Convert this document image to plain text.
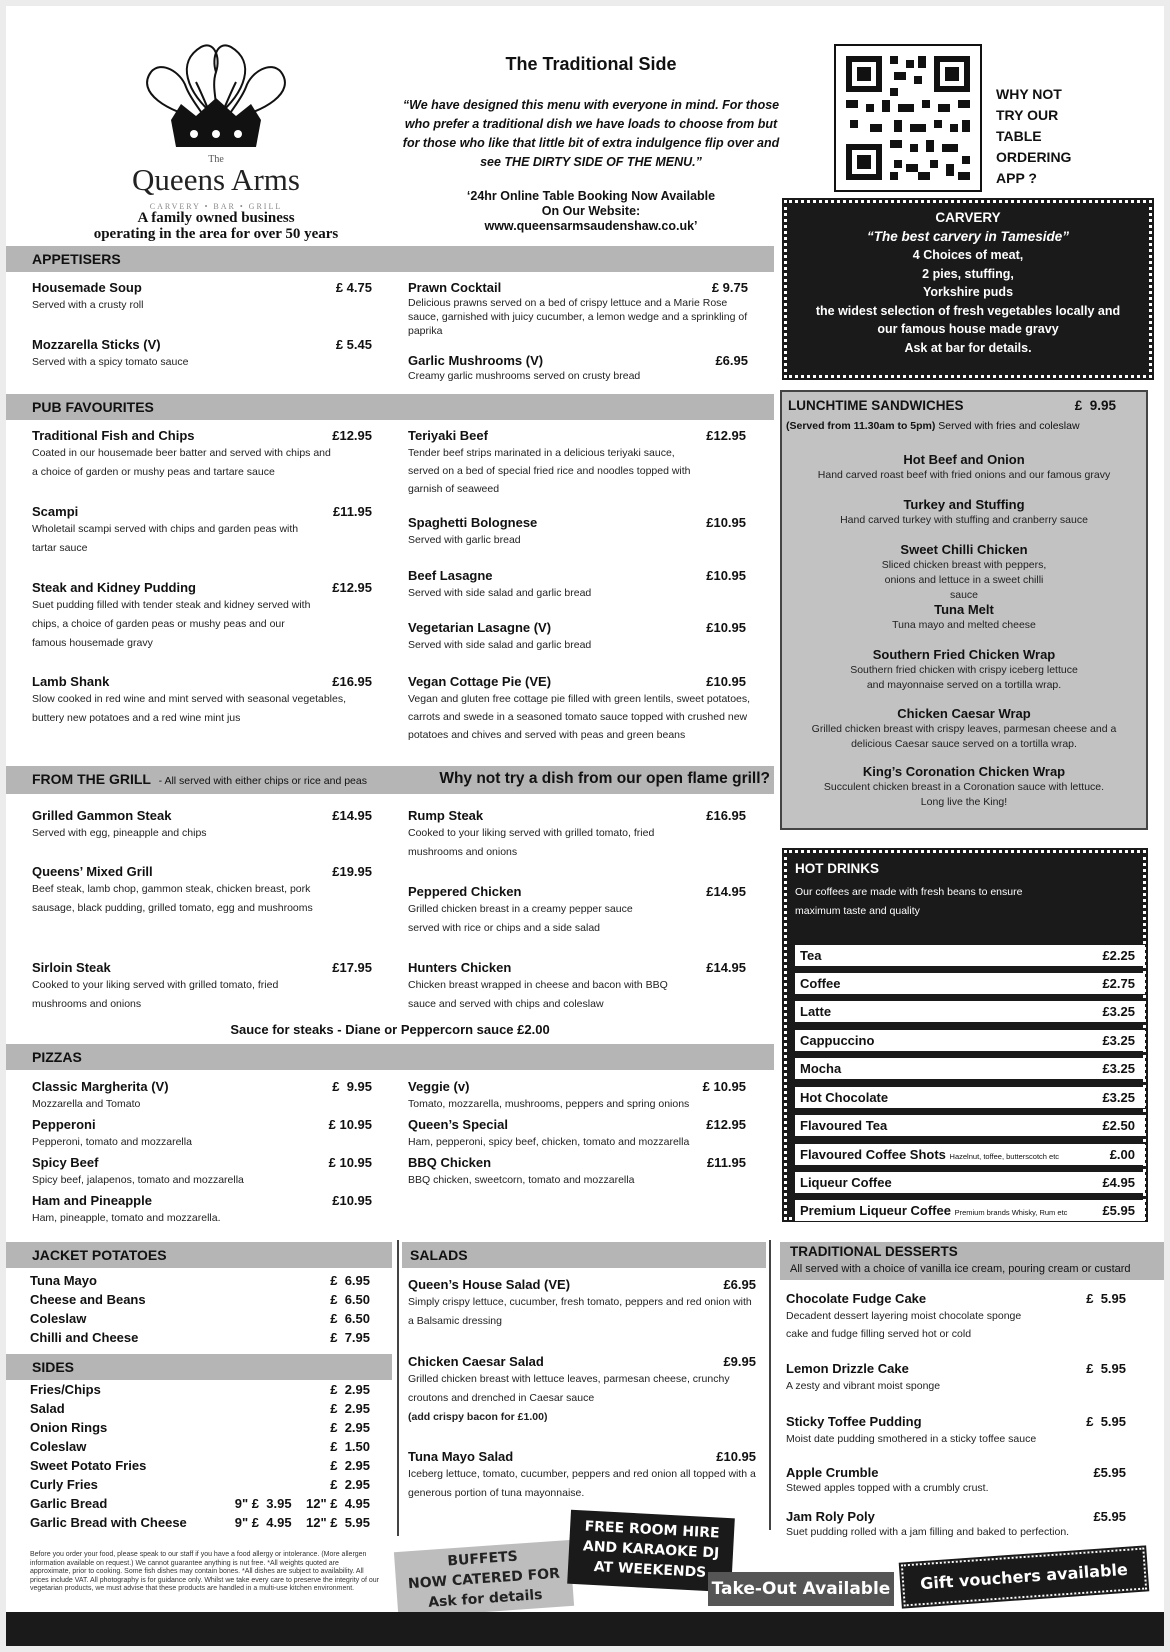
The
Queens Arms
CARVERY • BAR • GRILL
A family owned business
operating in the area for over 50 years
The Traditional Side
“We have designed this menu with everyone in mind. For those who prefer a traditional dish we have loads to choose from but for those who like that little bit of extra indulgence flip over and see THE DIRTY SIDE OF THE MENU.”
‘24hr Online Table Booking Now Available
On Our Website:
www.queensarmsaudenshaw.co.uk’
WHY NOT
TRY OUR
TABLE
ORDERING
APP ?
CARVERY
“The best carvery in Tameside”
4 Choices of meat,
2 pies, stuffing,
Yorkshire puds
the widest selection of fresh vegetables locally and
our famous house made gravy
Ask at bar for details.
APPETISERS
Housemade Soup	£ 4.75
Served with a crusty roll
Mozzarella Sticks (V)	£ 5.45
Served with a spicy tomato sauce
Prawn Cocktail	£ 9.75
Delicious prawns served on a bed of crispy lettuce and a Marie Rose sauce, garnished with juicy cucumber, a lemon wedge and a sprinkling of paprika
Garlic Mushrooms (V)	£6.95
Creamy garlic mushrooms served on crusty bread
PUB FAVOURITES
Traditional Fish and Chips	£12.95
Coated in our housemade beer batter and served with chips and a choice of garden or mushy peas and tartare sauce
Scampi	£11.95
Wholetail scampi served with chips and garden peas with tartar sauce
Steak and Kidney Pudding	£12.95
Suet pudding filled with tender steak and kidney served with chips, a choice of garden peas or mushy peas and our famous housemade gravy
Lamb Shank	£16.95
Slow cooked in red wine and mint served with seasonal vegetables, buttery new potatoes and a red wine mint jus
Teriyaki Beef	£12.95
Tender beef strips marinated in a delicious teriyaki sauce, served on a bed of special fried rice and noodles topped with garnish of seaweed
Spaghetti Bolognese	£10.95
Served with garlic bread
Beef Lasagne	£10.95
Served with side salad and garlic bread
Vegetarian Lasagne (V)	£10.95
Served with side salad and garlic bread
Vegan Cottage Pie (VE)	£10.95
Vegan and gluten free cottage pie filled with green lentils, sweet potatoes, carrots and swede in a seasoned tomato sauce topped with crushed new potatoes and chives and served with peas and green beans
FROM THE GRILL - All served with either chips or rice and peas	Why not try a dish from our open flame grill?
Grilled Gammon Steak	£14.95
Served with egg, pineapple and chips
Queens’ Mixed Grill	£19.95
Beef steak, lamb chop, gammon steak, chicken breast, pork sausage, black pudding, grilled tomato, egg and mushrooms
Sirloin Steak	£17.95
Cooked to your liking served with grilled tomato, fried mushrooms and onions
Rump Steak	£16.95
Cooked to your liking served with grilled tomato, fried mushrooms and onions
Peppered Chicken	£14.95
Grilled chicken breast in a creamy pepper sauce served with rice or chips and a side salad
Hunters Chicken	£14.95
Chicken breast wrapped in cheese and bacon with BBQ sauce and served with chips and coleslaw
Sauce for steaks - Diane or Peppercorn sauce £2.00
PIZZAS
Classic Margherita (V)	£  9.95
Mozzarella and Tomato
Pepperoni	£ 10.95
Pepperoni, tomato and mozzarella
Spicy Beef	£ 10.95
Spicy beef, jalapenos, tomato and mozzarella
Ham and Pineapple	£10.95
Ham, pineapple, tomato and mozzarella.
Veggie (v)	£ 10.95
Tomato, mozzarella, mushrooms, peppers and spring onions
Queen’s Special	£12.95
Ham, pepperoni, spicy beef, chicken, tomato and mozzarella
BBQ Chicken	£11.95
BBQ chicken, sweetcorn, tomato and mozzarella
LUNCHTIME SANDWICHES	£  9.95
(Served from 11.30am to 5pm) Served with fries and coleslaw
Hot Beef and Onion
Hand carved roast beef with fried onions and our famous gravy
Turkey and Stuffing
Hand carved turkey with stuffing and cranberry sauce
Sweet Chilli Chicken
Sliced chicken breast with peppers, onions and lettuce in a sweet chilli sauce
Tuna Melt
Tuna mayo and melted cheese
Southern Fried Chicken Wrap
Southern fried chicken with crispy iceberg lettuce and mayonnaise served on a tortilla wrap.
Chicken Caesar Wrap
Grilled chicken breast with crispy leaves, parmesan cheese and a delicious Caesar sauce served on a tortilla wrap.
King’s Coronation Chicken Wrap
Succulent chicken breast in a Coronation sauce with lettuce. Long live the King!
HOT DRINKS
Our coffees are made with fresh beans to ensure maximum taste and quality
Tea	£2.25
Coffee	£2.75
Latte	£3.25
Cappuccino	£3.25
Mocha	£3.25
Hot Chocolate	£3.25
Flavoured Tea	£2.50
Flavoured Coffee Shots Hazelnut, toffee, butterscotch etc	£.00
Liqueur Coffee	£4.95
Premium Liqueur Coffee Premium brands Whisky, Rum etc	£5.95
JACKET POTATOES
Tuna Mayo	£  6.95
Cheese and Beans	£  6.50
Coleslaw	£  6.50
Chilli and Cheese	£  7.95
SIDES
Fries/Chips	£  2.95
Salad	£  2.95
Onion Rings	£  2.95
Coleslaw	£  1.50
Sweet Potato Fries	£  2.95
Curly Fries	£  2.95
Garlic Bread	9" £  3.95    12" £  4.95
Garlic Bread with Cheese	9" £  4.95    12" £  5.95
SALADS
Queen’s House Salad (VE)	£6.95
Simply crispy lettuce, cucumber, fresh tomato, peppers and red onion with a Balsamic dressing
Chicken Caesar Salad	£9.95
Grilled chicken breast with lettuce leaves, parmesan cheese, crunchy croutons and drenched in Caesar sauce
(add crispy bacon for £1.00)
Tuna Mayo Salad	£10.95
Iceberg lettuce, tomato, cucumber, peppers and red onion all topped with a generous portion of tuna mayonnaise.
TRADITIONAL DESSERTS
All served with a choice of vanilla ice cream, pouring cream or custard
Chocolate Fudge Cake	£  5.95
Decadent dessert layering moist chocolate sponge cake and fudge filling served hot or cold
Lemon Drizzle Cake	£  5.95
A zesty and vibrant moist sponge
Sticky Toffee Pudding	£  5.95
Moist date pudding smothered in a sticky toffee sauce
Apple Crumble	£5.95
Stewed apples topped with a crumbly crust.
Jam Roly Poly	£5.95
Suet pudding rolled with a jam filling and baked to perfection.
Before you order your food, please speak to our staff if you have a food allergy or intolerance. (More allergen information available on request.) We cannot guarantee anything is nut free. *All weights quoted are approximate, prior to cooking. Some fish dishes may contain bones. *All dishes are subject to availability. All prices include VAT. All photography is for guidance only. Whilst we take every care to preserve the integrity of our vegetarian products, we must advise that these products are handled in a multi-use kitchen environment.
BUFFETS
NOW CATERED FOR
Ask for details
FREE ROOM HIRE
AND KARAOKE DJ
AT WEEKENDS
Take-Out Available	Gift vouchers available
